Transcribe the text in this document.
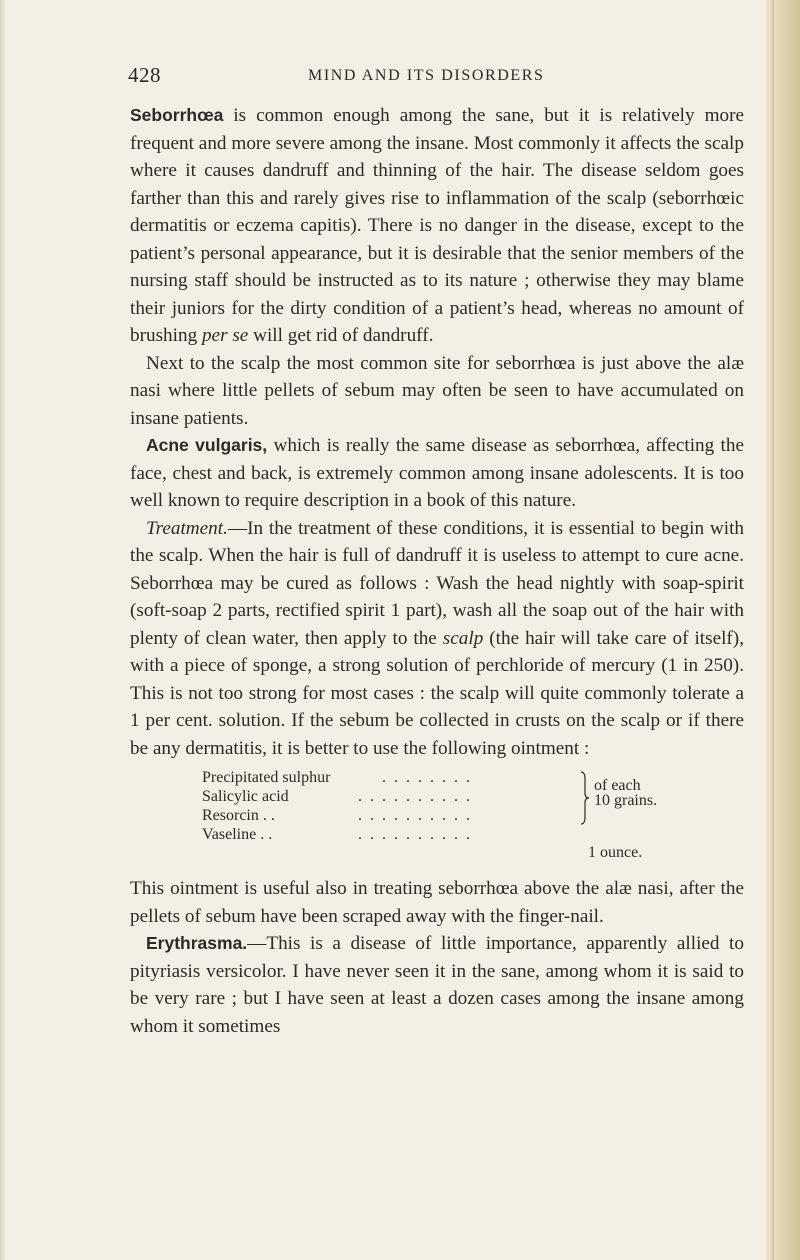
428	MIND AND ITS DISORDERS

Seborrhœa is common enough among the sane, but it is relatively more frequent and more severe among the insane. Most commonly it affects the scalp where it causes dandruff and thinning of the hair. The disease seldom goes farther than this and rarely gives rise to inflammation of the scalp (seborrhœic dermatitis or eczema capitis). There is no danger in the disease, except to the patient’s personal appearance, but it is desirable that the senior members of the nursing staff should be instructed as to its nature ; otherwise they may blame their juniors for the dirty condition of a patient’s head, whereas no amount of brushing per se will get rid of dandruff.

Next to the scalp the most common site for seborrhœa is just above the alæ nasi where little pellets of sebum may often be seen to have accumulated on insane patients.

Acne vulgaris, which is really the same disease as seborrhœa, affecting the face, chest and back, is extremely common among insane adolescents. It is too well known to require description in a book of this nature.

Treatment.—In the treatment of these conditions, it is essential to begin with the scalp. When the hair is full of dandruff it is useless to attempt to cure acne. Seborrhœa may be cured as follows : Wash the head nightly with soap-spirit (soft-soap 2 parts, rectified spirit 1 part), wash all the soap out of the hair with plenty of clean water, then apply to the scalp (the hair will take care of itself), with a piece of sponge, a strong solution of perchloride of mercury (1 in 250). This is not too strong for most cases : the scalp will quite commonly tolerate a 1 per cent. solution. If the sebum be collected in crusts on the scalp or if there be any dermatitis, it is better to use the following ointment :

Precipitated sulphur	. . . . . . . .
Salicylic acid	. . . . . . . . . .
Resorcin . .	. . . . . . . . . .
Vaseline . .	. . . . . . . . . .
of each
10 grains.
1 ounce.

This ointment is useful also in treating seborrhœa above the alæ nasi, after the pellets of sebum have been scraped away with the finger-nail.

Erythrasma.—This is a disease of little importance, apparently allied to pityriasis versicolor. I have never seen it in the sane, among whom it is said to be very rare ; but I have seen at least a dozen cases among the insane among whom it sometimes
